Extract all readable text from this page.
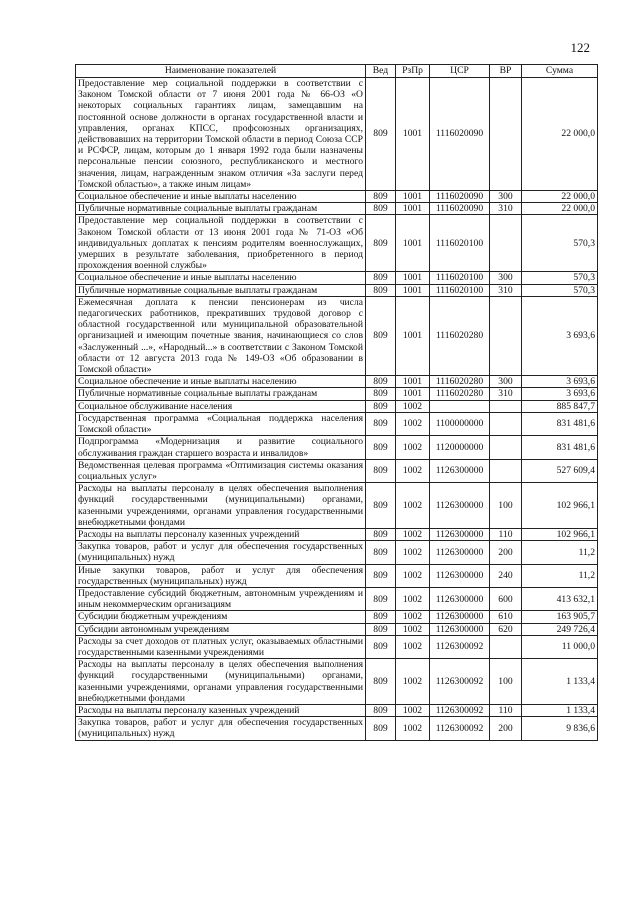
122
Наименование показателей	Вед	РзПр	ЦСР	ВР	Сумма
Предоставление мер социальной поддержки в соответствии с Законом Томской области от 7 июня 2001 года № 66-ОЗ «О некоторых социальных гарантиях лицам, замещавшим на постоянной основе должности в органах государственной власти и управления, органах КПСС, профсоюзных организациях, действовавших на территории Томской области в период Союза ССР и РСФСР, лицам, которым до 1 января 1992 года были назначены персональные пенсии союзного, республиканского и местного значения, лицам, награжденным знаком отличия «За заслуги перед Томской областью», а также иным лицам»	809	1001	1116020090		22 000,0
Социальное обеспечение и иные выплаты населению	809	1001	1116020090	300	22 000,0
Публичные нормативные социальные выплаты гражданам	809	1001	1116020090	310	22 000,0
Предоставление мер социальной поддержки в соответствии с Законом Томской области от 13 июня 2001 года № 71-ОЗ «Об индивидуальных доплатах к пенсиям родителям военнослужащих, умерших в результате заболевания, приобретенного в период прохождения военной службы»	809	1001	1116020100		570,3
Социальное обеспечение и иные выплаты населению	809	1001	1116020100	300	570,3
Публичные нормативные социальные выплаты гражданам	809	1001	1116020100	310	570,3
Ежемесячная доплата к пенсии пенсионерам из числа педагогических работников, прекративших трудовой договор с областной государственной или муниципальной образовательной организацией и имеющим почетные звания, начинающиеся со слов «Заслуженный ...», «Народный...» в соответствии с Законом Томской области от 12 августа 2013 года № 149-ОЗ «Об образовании в Томской области»	809	1001	1116020280		3 693,6
Социальное обеспечение и иные выплаты населению	809	1001	1116020280	300	3 693,6
Публичные нормативные социальные выплаты гражданам	809	1001	1116020280	310	3 693,6
Социальное обслуживание населения	809	1002			885 847,7
Государственная программа «Социальная поддержка населения Томской области»	809	1002	1100000000		831 481,6
Подпрограмма «Модернизация и развитие социального обслуживания граждан старшего возраста и инвалидов»	809	1002	1120000000		831 481,6
Ведомственная целевая программа «Оптимизация системы оказания социальных услуг»	809	1002	1126300000		527 609,4
Расходы на выплаты персоналу в целях обеспечения выполнения функций государственными (муниципальными) органами, казенными учреждениями, органами управления государственными внебюджетными фондами	809	1002	1126300000	100	102 966,1
Расходы на выплаты персоналу казенных учреждений	809	1002	1126300000	110	102 966,1
Закупка товаров, работ и услуг для обеспечения государственных (муниципальных) нужд	809	1002	1126300000	200	11,2
Иные закупки товаров, работ и услуг для обеспечения государственных (муниципальных) нужд	809	1002	1126300000	240	11,2
Предоставление субсидий бюджетным, автономным учреждениям и иным некоммерческим организациям	809	1002	1126300000	600	413 632,1
Субсидии бюджетным учреждениям	809	1002	1126300000	610	163 905,7
Субсидии автономным учреждениям	809	1002	1126300000	620	249 726,4
Расходы за счет доходов от платных услуг, оказываемых областными государственными казенными учреждениями	809	1002	1126300092		11 000,0
Расходы на выплаты персоналу в целях обеспечения выполнения функций государственными (муниципальными) органами, казенными учреждениями, органами управления государственными внебюджетными фондами	809	1002	1126300092	100	1 133,4
Расходы на выплаты персоналу казенных учреждений	809	1002	1126300092	110	1 133,4
Закупка товаров, работ и услуг для обеспечения государственных (муниципальных) нужд	809	1002	1126300092	200	9 836,6
